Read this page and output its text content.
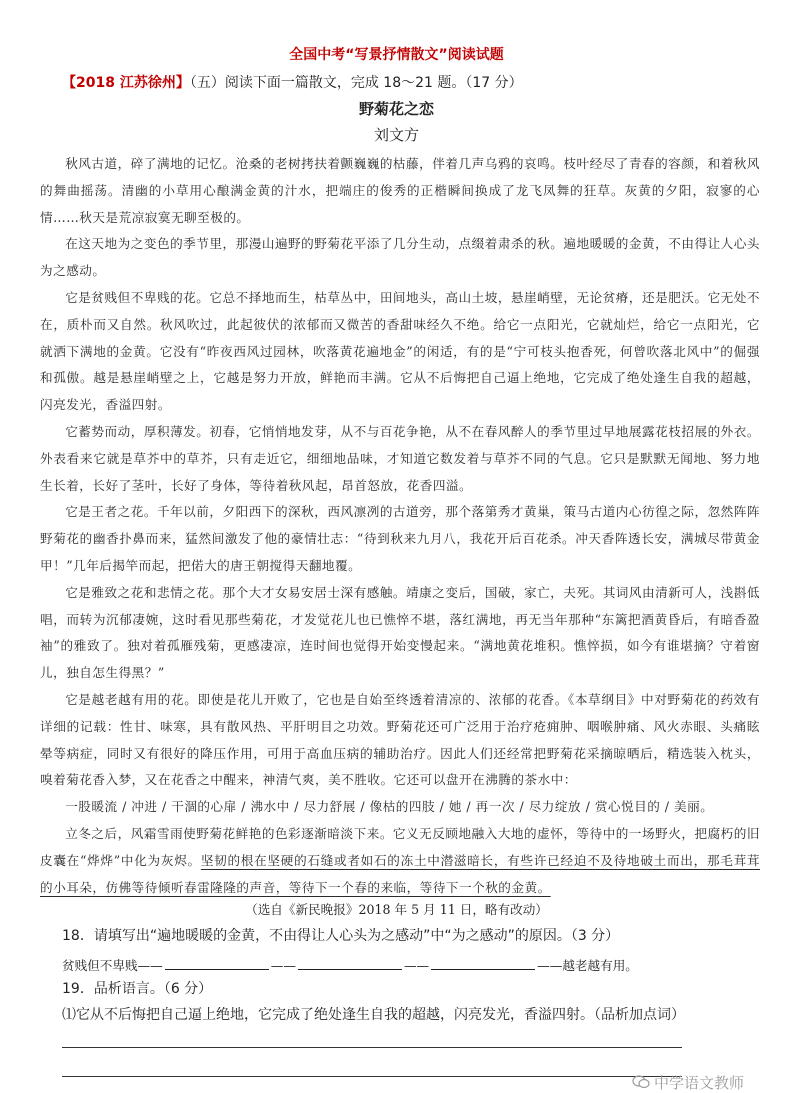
全国中考“写景抒情散文”阅读试题
【2018 江苏徐州】（五）阅读下面一篇散文，完成 18～21 题。（17 分）
野菊花之恋
刘文方

秋风古道，碎了满地的记忆。沧桑的老树拷扶着颤巍巍的枯藤，伴着几声乌鸦的哀鸣。枝叶经尽了青春的容颜，和着秋风的舞曲摇荡。清幽的小草用心酿满金黄的汁水，把端庄的俊秀的正楷瞬间换成了龙飞凤舞的狂草。灰黄的夕阳，寂寥的心情……秋天是荒凉寂寞无聊至极的。

在这天地为之变色的季节里，那漫山遍野的野菊花平添了几分生动，点缀着肃杀的秋。遍地暖暖的金黄，不由得让人心头为之感动。

它是贫贱但不卑贱的花。它总不择地而生，枯草丛中，田间地头，高山土坡，悬崖峭壁，无论贫瘠，还是肥沃。它无处不在，质朴而又自然。秋风吹过，此起彼伏的浓郁而又微苦的香甜味经久不绝。给它一点阳光，它就灿烂，给它一点阳光，它就洒下满地的金黄。它没有“昨夜西风过园林，吹落黄花遍地金”的闲适，有的是“宁可枝头抱香死，何曾吹落北风中”的倔强和孤傲。越是悬崖峭壁之上，它越是努力开放，鲜艳而丰满。它从不后悔把自己逼上绝地，它完成了绝处逢生自我的超越，闪亮发光，香溢四射。

它蓄势而动，厚积薄发。初春，它悄悄地发芽，从不与百花争艳，从不在春风醉人的季节里过早地展露花枝招展的外衣。外表看来它就是草芥中的草芥，只有走近它，细细地品味，才知道它数发着与草芥不同的气息。它只是默默无闻地、努力地生长着，长好了茎叶，长好了身体，等待着秋风起，昂首怒放，花香四溢。

它是王者之花。千年以前，夕阳西下的深秋，西风凛冽的古道旁，那个落第秀才黄巢，策马古道内心彷徨之际，忽然阵阵野菊花的幽香扑鼻而来，猛然间激发了他的豪情壮志：“待到秋来九月八，我花开后百花杀。冲天香阵透长安，满城尽带黄金甲！”几年后揭竿而起，把偌大的唐王朝搅得天翻地覆。

它是雅致之花和悲情之花。那个大才女易安居士深有感触。靖康之变后，国破，家亡，夫死。其词风由清新可人，浅斟低唱，而转为沉郁凄婉，这时看见那些菊花，才发觉花儿也已憔悴不堪，落红满地，再无当年那种“东篱把酒黄昏后，有暗香盈袖”的雅致了。独对着孤雁残菊，更感凄凉，连时间也觉得开始变慢起来。“满地黄花堆积。憔悴损，如今有谁堪摘？守着窗儿，独自怎生得黑？”

它是越老越有用的花。即使是花儿开败了，它也是自始至终透着清凉的、浓郁的花香。《本草纲目》中对野菊花的药效有详细的记载：性甘、味寒，具有散风热、平肝明目之功效。野菊花还可广泛用于治疗疮痈肿、咽喉肿痛、风火赤眼、头痛眩晕等病症，同时又有很好的降压作用，可用于高血压病的辅助治疗。因此人们还经常把野菊花采摘晾晒后，精选装入枕头，嗅着菊花香入梦，又在花香之中醒来，神清气爽，美不胜收。它还可以盘开在沸腾的茶水中：

一股暖流 / 冲进 / 干涸的心扉 / 沸水中 / 尽力舒展 / 像枯的四肢 / 她 / 再一次 / 尽力绽放 / 赏心悦目的 / 美丽。

立冬之后，风霜雪雨使野菊花鲜艳的色彩逐渐暗淡下来。它义无反顾地融入大地的虚怀，等待中的一场野火，把腐朽的旧皮囊在“烨烨”中化为灰烬。坚韧的根在坚硬的石缝或者如石的冻土中潜滋暗长，有些许已经迫不及待地破土而出，那毛茸茸的小耳朵，仿佛等待倾听春雷隆隆的声音，等待下一个春的来临，等待下一个秋的金黄。

（选自《新民晚报》2018 年 5 月 11 日，略有改动）
18．请填写出“遍地暖暖的金黄，不由得让人心头为之感动”中“为之感动”的原因。（3 分）
贫贱但不卑贱——	——	——	——越老越有用。
19．品析语言。（6 分）
⑴它从不后悔把自己逼上绝地，它完成了绝处逢生自我的超越，闪亮发光，香溢四射。（品析加点词）
中学语文教师
